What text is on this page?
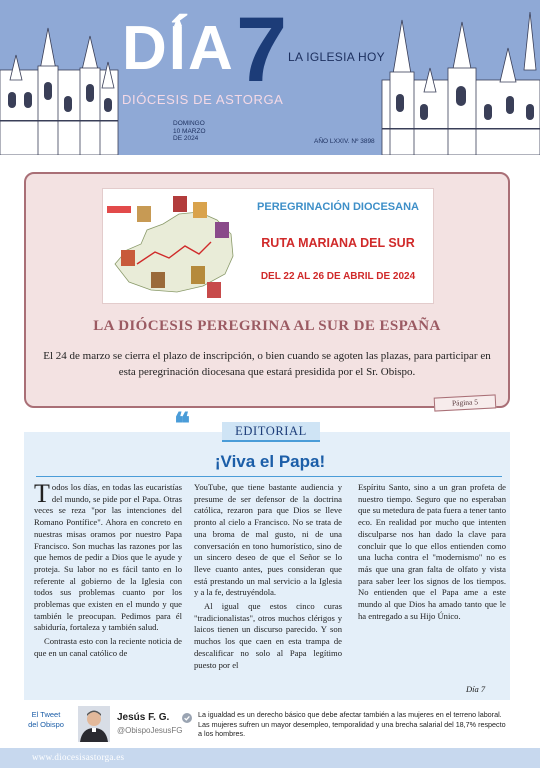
DÍA 7 LA IGLESIA HOY
DIÓCESIS DE ASTORGA
DOMINGO
10 MARZO
DE 2024	AÑO LXXIV. Nº 3898
PEREGRINACIÓN DIOCESANA
RUTA MARIANA DEL SUR
DEL 22 AL 26 DE ABRIL DE 2024
LA DIÓCESIS PEREGRINA AL SUR DE ESPAÑA
El 24 de marzo se cierra el plazo de inscripción, o bien cuando se agoten las plazas, para participar en esta peregrinación diocesana que estará presidida por el Sr. Obispo.
Página 5
❝	EDITORIAL
¡Viva el Papa!

Todos los días, en todas las eucaristías del mundo, se pide por el Papa. Otras veces se reza "por las intenciones del Romano Pontífice". Ahora en concreto en nuestras misas oramos por nuestro Papa Francisco. Son muchas las razones por las que hemos de pedir a Dios que le ayude y proteja. Su labor no es fácil tanto en lo referente al gobierno de la Iglesia con todos sus problemas cuanto por los problemas que existen en el mundo y que también le preocupan. Pedimos para él sabiduría, fortaleza y también salud.

Contrasta esto con la reciente noticia de que en un canal católico de

YouTube, que tiene bastante audiencia y presume de ser defensor de la doctrina católica, rezaron para que Dios se lleve pronto al cielo a Francisco. No se trata de una broma de mal gusto, ni de una conversación en tono humorístico, sino de un sincero deseo de que el Señor se lo lleve cuanto antes, pues consideran que está prestando un mal servicio a la Iglesia y a la fe, destruyéndola.

Al igual que estos cinco curas "tradicionalistas", otros muchos clérigos y laicos tienen un discurso parecido. Y son muchos los que caen en esta trampa de descalificar no solo al Papa legítimo puesto por el

Espíritu Santo, sino a un gran profeta de nuestro tiempo. Seguro que no esperaban que su metedura de pata fuera a tener tanto eco. En realidad por mucho que intenten disculparse nos han dado la clave para concluir que lo que ellos entienden como una lucha contra el "modernismo" no es más que una gran falta de olfato y vista para saber leer los signos de los tiempos. No entienden que el Papa ame a este mundo al que Dios ha amado tanto que le ha entregado a su Hijo Único.

Día 7
El Tweet
del Obispo
Jesús F. G.
@ObispoJesusFG
La igualdad es un derecho básico que debe afectar también a las mujeres en el terreno laboral. Las mujeres sufren un mayor desempleo, temporalidad y una brecha salarial del 18,7% respecto a los hombres.
www.diocesisastorga.es
